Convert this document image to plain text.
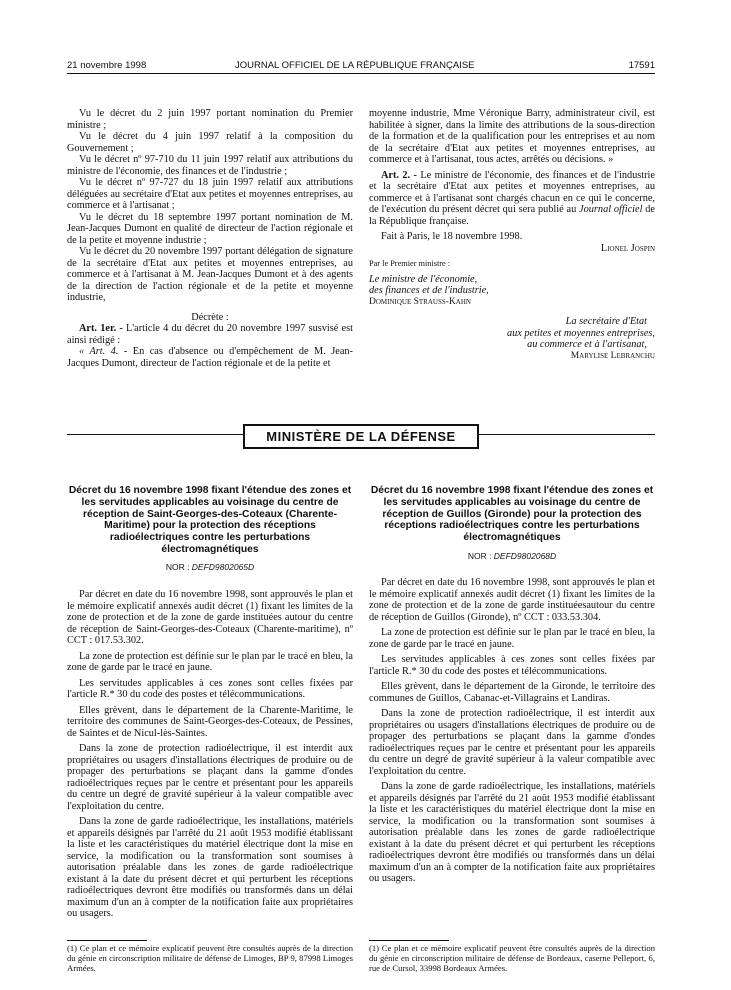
21 novembre 1998	JOURNAL OFFICIEL DE LA RÉPUBLIQUE FRANÇAISE	17591

Vu le décret du 2 juin 1997 portant nomination du Premier ministre ;

Vu le décret du 4 juin 1997 relatif à la composition du Gouvernement ;

Vu le décret nº 97-710 du 11 juin 1997 relatif aux attributions du ministre de l'économie, des finances et de l'industrie ;

Vu le décret nº 97-727 du 18 juin 1997 relatif aux attributions déléguées au secrétaire d'Etat aux petites et moyennes entreprises, au commerce et à l'artisanat ;

Vu le décret du 18 septembre 1997 portant nomination de M. Jean-Jacques Dumont en qualité de directeur de l'action régionale et de la petite et moyenne industrie ;

Vu le décret du 20 novembre 1997 portant délégation de signature de la secrétaire d'Etat aux petites et moyennes entreprises, au commerce et à l'artisanat à M. Jean-Jacques Dumont et à des agents de la direction de l'action régionale et de la petite et moyenne industrie,

Décrète :

Art. 1er. - L'article 4 du décret du 20 novembre 1997 susvisé est ainsi rédigé :

« Art. 4. - En cas d'absence ou d'empêchement de M. Jean-Jacques Dumont, directeur de l'action régionale et de la petite et

moyenne industrie, Mme Véronique Barry, administrateur civil, est habilitée à signer, dans la limite des attributions de la sous-direction de la formation et de la qualification pour les entreprises et au nom de la secrétaire d'Etat aux petites et moyennes entreprises, au commerce et à l'artisanat, tous actes, arrêtés ou décisions. »

Art. 2. - Le ministre de l'économie, des finances et de l'industrie et la secrétaire d'Etat aux petites et moyennes entreprises, au commerce et à l'artisanat sont chargés chacun en ce qui le concerne, de l'exécution du présent décret qui sera publié au Journal officiel de la République française.

Fait à Paris, le 18 novembre 1998.

Lionel Jospin

Par le Premier ministre :

Le ministre de l'économie,

des finances et de l'industrie,

Dominique Strauss-Kahn

La secrétaire d'Etat

aux petites et moyennes entreprises,

au commerce et à l'artisanat,

Marylise Lebranchu

MINISTÈRE DE LA DÉFENSE
Décret du 16 novembre 1998 fixant l'étendue des zones et les servitudes applicables au voisinage du centre de réception de Saint-Georges-des-Coteaux (Charente-Maritime) pour la protection des réceptions radioélectriques contre les perturbations électromagnétiques
NOR : DEFD9802065D

Par décret en date du 16 novembre 1998, sont approuvés le plan et le mémoire explicatif annexés audit décret (1) fixant les limites de la zone de protection et de la zone de garde instituées autour du centre de réception de Saint-Georges-des-Coteaux (Charente-maritime), nº CCT : 017.53.302.

La zone de protection est définie sur le plan par le tracé en bleu, la zone de garde par le tracé en jaune.

Les servitudes applicables à ces zones sont celles fixées par l'article R.* 30 du code des postes et télécommunications.

Elles grèvent, dans le département de la Charente-Maritime, le territoire des communes de Saint-Georges-des-Coteaux, de Pessines, de Saintes et de Nicul-lès-Saintes.

Dans la zone de protection radioélectrique, il est interdit aux propriétaires ou usagers d'installations électriques de produire ou de propager des perturbations se plaçant dans la gamme d'ondes radioélectriques reçues par le centre et présentant pour les appareils du centre un degré de gravité supérieur à la valeur compatible avec l'exploitation du centre.

Dans la zone de garde radioélectrique, les installations, matériels et appareils désignés par l'arrêté du 21 août 1953 modifié établissant la liste et les caractéristiques du matériel électrique dont la mise en service, la modification ou la transformation sont soumises à autorisation préalable dans les zones de garde radioélectrique existant à la date du présent décret et qui perturbent les réceptions radioélectriques devront être modifiés ou transformés dans un délai maximum d'un an à compter de la notification faite aux propriétaires ou usagers.

(1) Ce plan et ce mémoire explicatif peuvent être consultés auprès de la direction du génie en circonscription militaire de défense de Limoges, BP 9, 87998 Limoges Armées.
Décret du 16 novembre 1998 fixant l'étendue des zones et les servitudes applicables au voisinage du centre de réception de Guillos (Gironde) pour la protection des réceptions radioélectriques contre les perturbations électromagnétiques
NOR : DEFD9802068D

Par décret en date du 16 novembre 1998, sont approuvés le plan et le mémoire explicatif annexés audit décret (1) fixant les limites de la zone de protection et de la zone de garde instituéesautour du centre de réception de Guillos (Gironde), nº CCT : 033.53.304.

La zone de protection est définie sur le plan par le tracé en bleu, la zone de garde par le tracé en jaune.

Les servitudes applicables à ces zones sont celles fixées par l'article R.* 30 du code des postes et télécommunications.

Elles grèvent, dans le département de la Gironde, le territoire des communes de Guillos, Cabanac-et-Villagrains et Landiras.

Dans la zone de protection radioélectrique, il est interdit aux propriétaires ou usagers d'installations électriques de produire ou de propager des perturbations se plaçant dans la gamme d'ondes radioélectriques reçues par le centre et présentant pour les appareils du centre un degré de gravité supérieur à la valeur compatible avec l'exploitation du centre.

Dans la zone de garde radioélectrique, les installations, matériels et appareils désignés par l'arrêté du 21 août 1953 modifié établissant la liste et les caractéristiques du matériel électrique dont la mise en service, la modification ou la transformation sont soumises à autorisation préalable dans les zones de garde radioélectrique existant à la date du présent décret et qui perturbent les réceptions radioélectriques devront être modifiés ou transformés dans un délai maximum d'un an à compter de la notification faite aux propriétaires ou usagers.

(1) Ce plan et ce mémoire explicatif peuvent être consultés auprès de la direction du génie en circonscription militaire de défense de Bordeaux, caserne Pelleport, 6, rue de Cursol, 33998 Bordeaux Armées.
